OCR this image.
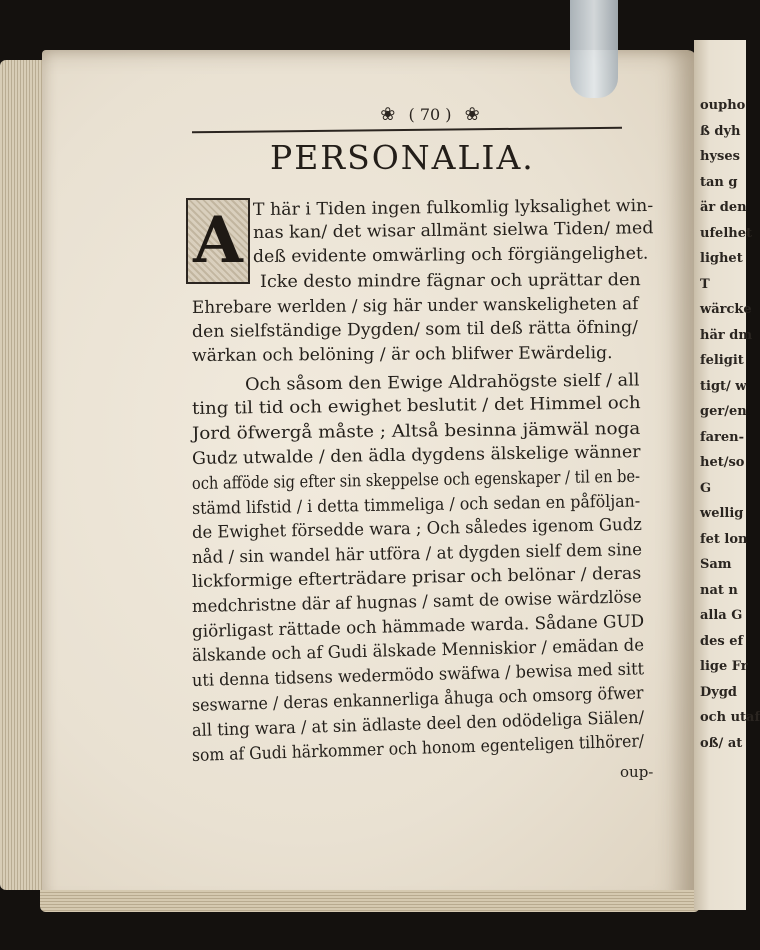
oupho
ß dyh
hyses
tan g
är den
ufelhet
lighet
T
wärcke
här dm
feligit
tigt/ w
ger/en
faren-
het/so
G
wellig
fet lon
Sam
nat n
alla G
des ef
lige Fr
Dygd
och utaf
oß/ at
❀ ( 70 ) ❀
PERSONALIA.
A T här i Tiden ingen fulkomlig lyksalighet win-
nas kan/ det wisar allmänt sielwa Tiden/ med
deß evidente omwärling och förgiängelighet.
Icke desto mindre fägnar och uprättar den
Ehrebare werlden / sig här under wanskeligheten af
den sielfständige Dygden/ som til deß rätta öfning/
wärkan och belöning / är och blifwer Ewärdelig.
Och såsom den Ewige Aldrahögste sielf / all
ting til tid och ewighet beslutit / det Himmel och
Jord öfwergå måste ; Altså besinna jämwäl noga
Gudz utwalde / den ädla dygdens älskelige wänner
och afföde sig efter sin skeppelse och egenskaper / til en be-
stämd lifstid / i detta timmeliga / och sedan en påföljan-
de Ewighet försedde wara ; Och således igenom Gudz
nåd / sin wandel här utföra / at dygden sielf dem sine
lickformige efterträdare prisar och belönar / deras
medchristne där af hugnas / samt de owise wärdzlöse
giörligast rättade och hämmade warda. Sådane GUD
älskande och af Gudi älskade Menniskior / emädan de
uti denna tidsens wedermödo swäfwa / bewisa med sitt
seswarne / deras enkannerliga åhuga och omsorg öfwer
all ting wara / at sin ädlaste deel den odödeliga Siälen/
som af Gudi härkommer och honom egenteligen tilhörer/
oup-
